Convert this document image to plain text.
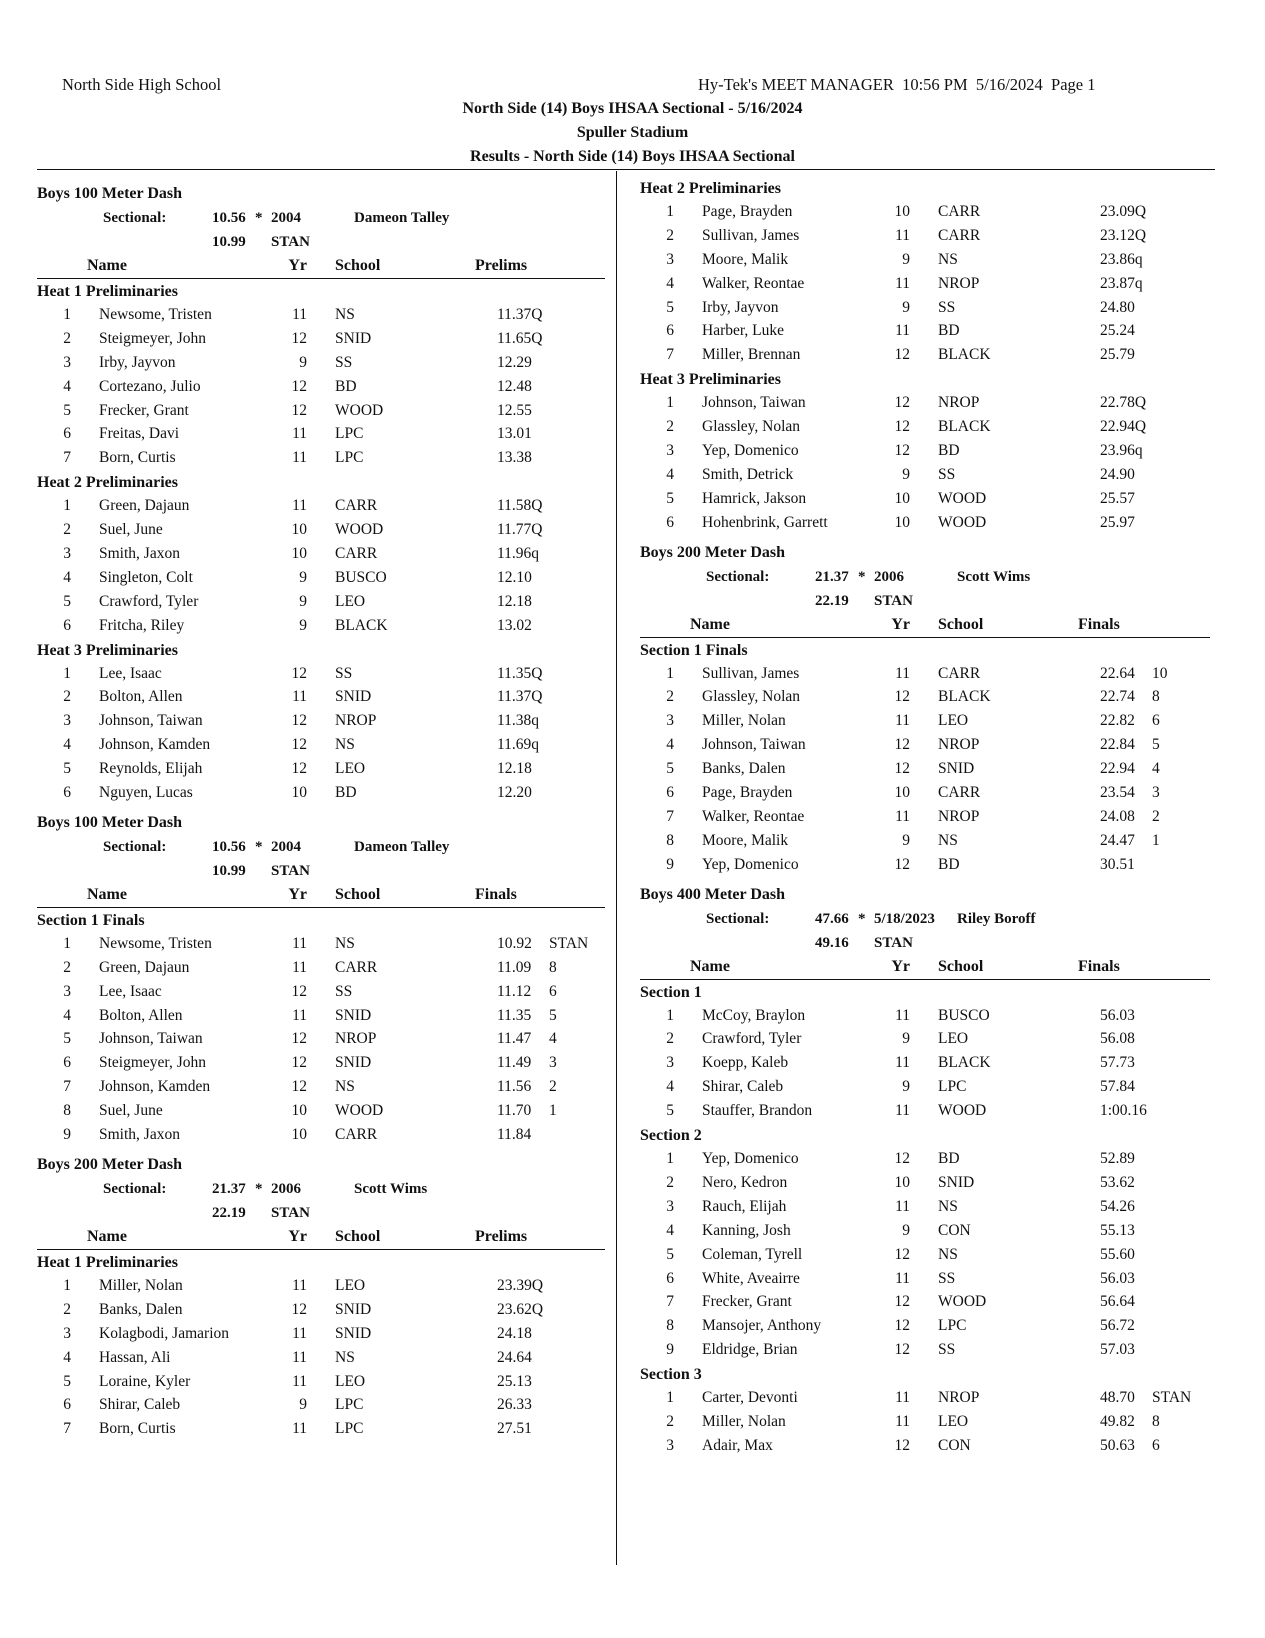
North Side High School	Hy-Tek's MEET MANAGER  10:56 PM  5/16/2024  Page 1
North Side (14) Boys IHSAA Sectional - 5/16/2024
Spuller Stadium
Results - North Side (14) Boys IHSAA Sectional
Boys 100 Meter Dash
Sectional:	10.56 * 2004	Dameon Talley
10.99 STAN
Name	Yr School	Prelims
Heat 1 Preliminaries
1 Newsome, Tristen	11 NS	11.37Q
2 Steigmeyer, John	12 SNID	11.65Q
3 Irby, Jayvon	9 SS	12.29
4 Cortezano, Julio	12 BD	12.48
5 Frecker, Grant	12 WOOD	12.55
6 Freitas, Davi	11 LPC	13.01
7 Born, Curtis	11 LPC	13.38
Heat 2 Preliminaries
1 Green, Dajaun	11 CARR	11.58Q
2 Suel, June	10 WOOD	11.77Q
3 Smith, Jaxon	10 CARR	11.96q
4 Singleton, Colt	9 BUSCO	12.10
5 Crawford, Tyler	9 LEO	12.18
6 Fritcha, Riley	9 BLACK	13.02
Heat 3 Preliminaries
1 Lee, Isaac	12 SS	11.35Q
2 Bolton, Allen	11 SNID	11.37Q
3 Johnson, Taiwan	12 NROP	11.38q
4 Johnson, Kamden	12 NS	11.69q
5 Reynolds, Elijah	12 LEO	12.18
6 Nguyen, Lucas	10 BD	12.20
Boys 100 Meter Dash
Sectional:	10.56 * 2004	Dameon Talley
10.99 STAN
Name	Yr School	Finals
Section 1 Finals
1 Newsome, Tristen	11 NS	10.92 STAN
2 Green, Dajaun	11 CARR	11.09 8
3 Lee, Isaac	12 SS	11.12 6
4 Bolton, Allen	11 SNID	11.35 5
5 Johnson, Taiwan	12 NROP	11.47 4
6 Steigmeyer, John	12 SNID	11.49 3
7 Johnson, Kamden	12 NS	11.56 2
8 Suel, June	10 WOOD	11.70 1
9 Smith, Jaxon	10 CARR	11.84
Boys 200 Meter Dash
Sectional:	21.37 * 2006	Scott Wims
22.19 STAN
Name	Yr School	Prelims
Heat 1 Preliminaries
1 Miller, Nolan	11 LEO	23.39Q
2 Banks, Dalen	12 SNID	23.62Q
3 Kolagbodi, Jamarion	11 SNID	24.18
4 Hassan, Ali	11 NS	24.64
5 Loraine, Kyler	11 LEO	25.13
6 Shirar, Caleb	9 LPC	26.33
7 Born, Curtis	11 LPC	27.51
Heat 2 Preliminaries
1 Page, Brayden	10 CARR	23.09Q
2 Sullivan, James	11 CARR	23.12Q
3 Moore, Malik	9 NS	23.86q
4 Walker, Reontae	11 NROP	23.87q
5 Irby, Jayvon	9 SS	24.80
6 Harber, Luke	11 BD	25.24
7 Miller, Brennan	12 BLACK	25.79
Heat 3 Preliminaries
1 Johnson, Taiwan	12 NROP	22.78Q
2 Glassley, Nolan	12 BLACK	22.94Q
3 Yep, Domenico	12 BD	23.96q
4 Smith, Detrick	9 SS	24.90
5 Hamrick, Jakson	10 WOOD	25.57
6 Hohenbrink, Garrett	10 WOOD	25.97
Boys 200 Meter Dash
Sectional:	21.37 * 2006	Scott Wims
22.19 STAN
Name	Yr School	Finals
Section 1 Finals
1 Sullivan, James	11 CARR	22.64 10
2 Glassley, Nolan	12 BLACK	22.74 8
3 Miller, Nolan	11 LEO	22.82 6
4 Johnson, Taiwan	12 NROP	22.84 5
5 Banks, Dalen	12 SNID	22.94 4
6 Page, Brayden	10 CARR	23.54 3
7 Walker, Reontae	11 NROP	24.08 2
8 Moore, Malik	9 NS	24.47 1
9 Yep, Domenico	12 BD	30.51
Boys 400 Meter Dash
Sectional:	47.66 * 5/18/2023 Riley Boroff
49.16 STAN
Name	Yr School	Finals
Section 1
1 McCoy, Braylon	11 BUSCO	56.03
2 Crawford, Tyler	9 LEO	56.08
3 Koepp, Kaleb	11 BLACK	57.73
4 Shirar, Caleb	9 LPC	57.84
5 Stauffer, Brandon	11 WOOD	1:00.16
Section 2
1 Yep, Domenico	12 BD	52.89
2 Nero, Kedron	10 SNID	53.62
3 Rauch, Elijah	11 NS	54.26
4 Kanning, Josh	9 CON	55.13
5 Coleman, Tyrell	12 NS	55.60
6 White, Aveairre	11 SS	56.03
7 Frecker, Grant	12 WOOD	56.64
8 Mansojer, Anthony	12 LPC	56.72
9 Eldridge, Brian	12 SS	57.03
Section 3
1 Carter, Devonti	11 NROP	48.70 STAN
2 Miller, Nolan	11 LEO	49.82 8
3 Adair, Max	12 CON	50.63 6
